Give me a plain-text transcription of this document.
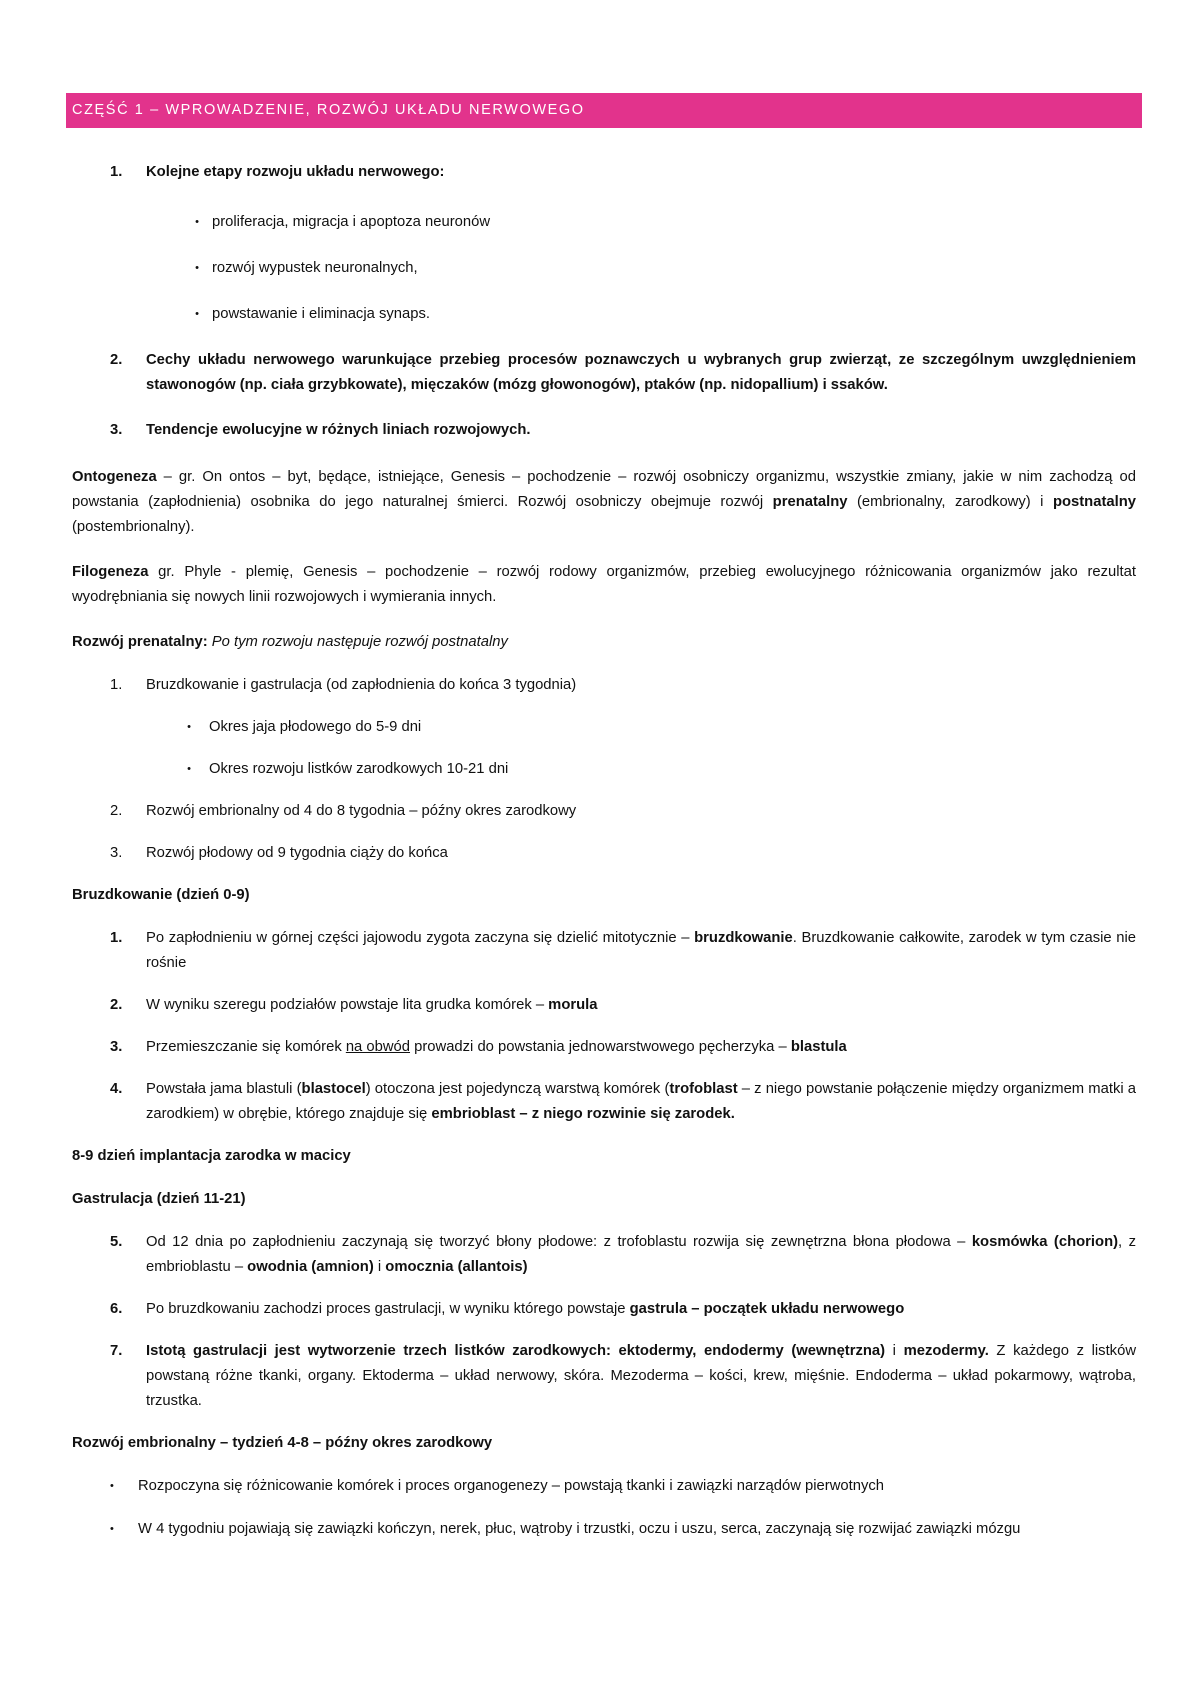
CZĘŚĆ 1 – WPROWADZENIE, ROZWÓJ UKŁADU NERWOWEGO
1.	Kolejne etapy rozwoju układu nerwowego:
• proliferacja, migracja i apoptoza neuronów
• rozwój wypustek neuronalnych,
• powstawanie i eliminacja synaps.
2.	Cechy układu nerwowego warunkujące przebieg procesów poznawczych u wybranych grup zwierząt, ze szczególnym uwzględnieniem stawonogów (np. ciała grzybkowate), mięczaków (mózg głowonogów), ptaków (np. nidopallium) i ssaków.
3.	Tendencje ewolucyjne w różnych liniach rozwojowych.

Ontogeneza – gr. On ontos – byt, będące, istniejące, Genesis – pochodzenie – rozwój osobniczy organizmu, wszystkie zmiany, jakie w nim zachodzą od powstania (zapłodnienia) osobnika do jego naturalnej śmierci. Rozwój osobniczy obejmuje rozwój prenatalny (embrionalny, zarodkowy) i postnatalny (postembrionalny).

Filogeneza gr. Phyle - plemię, Genesis – pochodzenie – rozwój rodowy organizmów, przebieg ewolucyjnego różnicowania organizmów jako rezultat wyodrębniania się nowych linii rozwojowych i wymierania innych.

Rozwój prenatalny: Po tym rozwoju następuje rozwój postnatalny

1.	Bruzdkowanie i gastrulacja (od zapłodnienia do końca 3 tygodnia)
•	Okres jaja płodowego do 5-9 dni
•	Okres rozwoju listków zarodkowych 10-21 dni
2.	Rozwój embrionalny od 4 do 8 tygodnia – późny okres zarodkowy
3.	Rozwój płodowy od 9 tygodnia ciąży do końca

Bruzdkowanie (dzień 0-9)

1.	Po zapłodnieniu w górnej części jajowodu zygota zaczyna się dzielić mitotycznie – bruzdkowanie. Bruzdkowanie całkowite, zarodek w tym czasie nie rośnie
2.	W wyniku szeregu podziałów powstaje lita grudka komórek – morula
3.	Przemieszczanie się komórek na obwód prowadzi do powstania jednowarstwowego pęcherzyka – blastula
4.	Powstała jama blastuli (blastocel) otoczona jest pojedynczą warstwą komórek (trofoblast – z niego powstanie połączenie między organizmem matki a zarodkiem) w obrębie, którego znajduje się embrioblast – z niego rozwinie się zarodek.

8-9 dzień implantacja zarodka w macicy

Gastrulacja (dzień 11-21)

5.	Od 12 dnia po zapłodnieniu zaczynają się tworzyć błony płodowe: z trofoblastu rozwija się zewnętrzna błona płodowa – kosmówka (chorion), z embrioblastu – owodnia (amnion) i omocznia (allantois)
6.	Po bruzdkowaniu zachodzi proces gastrulacji, w wyniku którego powstaje gastrula – początek układu nerwowego
7.	Istotą gastrulacji jest wytworzenie trzech listków zarodkowych: ektodermy, endodermy (wewnętrzna) i mezodermy. Z każdego z listków powstaną różne tkanki, organy. Ektoderma – układ nerwowy, skóra. Mezoderma – kości, krew, mięśnie. Endoderma – układ pokarmowy, wątroba, trzustka.

Rozwój embrionalny – tydzień 4-8 – późny okres zarodkowy

•	Rozpoczyna się różnicowanie komórek i proces organogenezy – powstają tkanki i zawiązki narządów pierwotnych
•	W 4 tygodniu pojawiają się zawiązki kończyn, nerek, płuc, wątroby i trzustki, oczu i uszu, serca, zaczynają się rozwijać zawiązki mózgu
